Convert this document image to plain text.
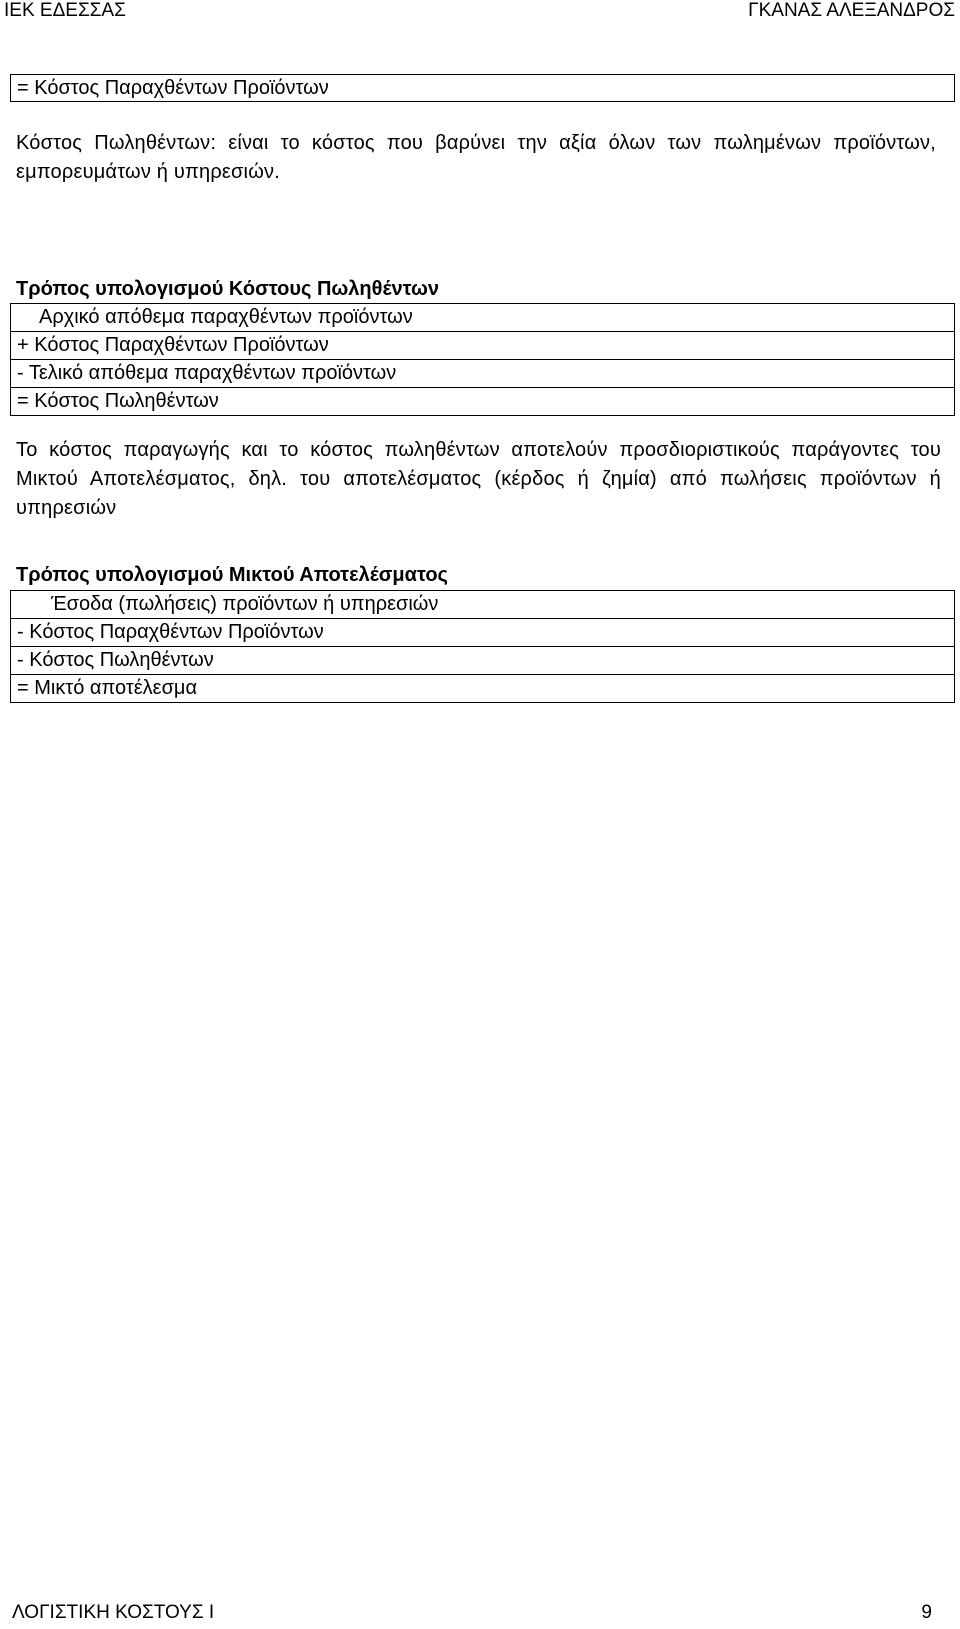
ΙΕΚ ΕΔΕΣΣΑΣ	ΓΚΑΝΑΣ ΑΛΕΞΑΝΔΡΟΣ
= Κόστος Παραχθέντων Προϊόντων
Κόστος Πωληθέντων: είναι το κόστος που βαρύνει την αξία όλων των πωλημένων προϊόντων, εμπορευμάτων ή υπηρεσιών.
Τρόπος υπολογισμού Κόστους Πωληθέντων
Αρχικό απόθεμα παραχθέντων προϊόντων
+ Κόστος Παραχθέντων Προϊόντων
- Τελικό απόθεμα παραχθέντων προϊόντων
= Κόστος Πωληθέντων
Το κόστος παραγωγής και το κόστος πωληθέντων αποτελούν προσδιοριστικούς παράγοντες του Μικτού Αποτελέσματος, δηλ. του αποτελέσματος (κέρδος ή ζημία) από πωλήσεις προϊόντων ή υπηρεσιών
Τρόπος υπολογισμού Μικτού Αποτελέσματος
Έσοδα (πωλήσεις) προϊόντων ή υπηρεσιών
- Κόστος Παραχθέντων Προϊόντων
- Κόστος Πωληθέντων
= Μικτό αποτέλεσμα
ΛΟΓΙΣΤΙΚΗ ΚΟΣΤΟΥΣ Ι	9
